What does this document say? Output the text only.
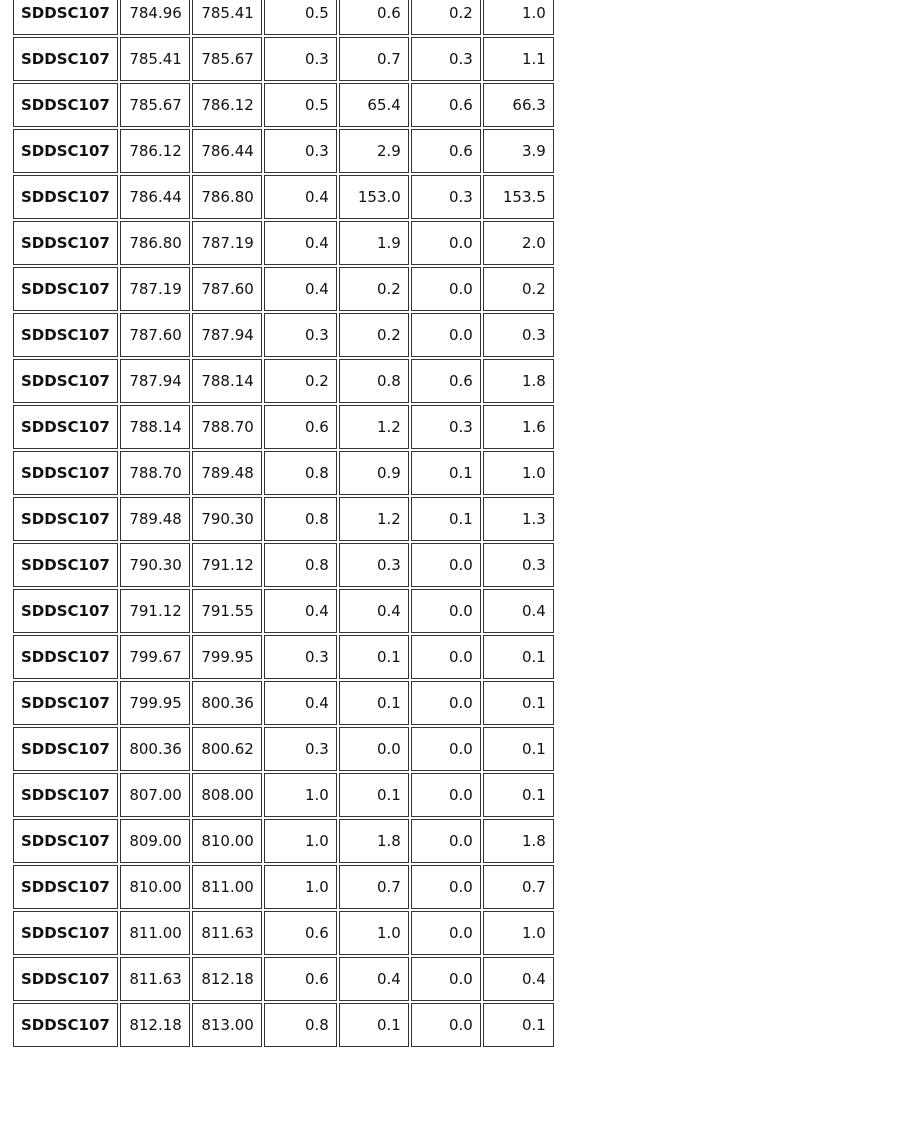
SDDSC107	784.96	785.41	0.5	0.6	0.2	1.0
SDDSC107	785.41	785.67	0.3	0.7	0.3	1.1
SDDSC107	785.67	786.12	0.5	65.4	0.6	66.3
SDDSC107	786.12	786.44	0.3	2.9	0.6	3.9
SDDSC107	786.44	786.80	0.4	153.0	0.3	153.5
SDDSC107	786.80	787.19	0.4	1.9	0.0	2.0
SDDSC107	787.19	787.60	0.4	0.2	0.0	0.2
SDDSC107	787.60	787.94	0.3	0.2	0.0	0.3
SDDSC107	787.94	788.14	0.2	0.8	0.6	1.8
SDDSC107	788.14	788.70	0.6	1.2	0.3	1.6
SDDSC107	788.70	789.48	0.8	0.9	0.1	1.0
SDDSC107	789.48	790.30	0.8	1.2	0.1	1.3
SDDSC107	790.30	791.12	0.8	0.3	0.0	0.3
SDDSC107	791.12	791.55	0.4	0.4	0.0	0.4
SDDSC107	799.67	799.95	0.3	0.1	0.0	0.1
SDDSC107	799.95	800.36	0.4	0.1	0.0	0.1
SDDSC107	800.36	800.62	0.3	0.0	0.0	0.1
SDDSC107	807.00	808.00	1.0	0.1	0.0	0.1
SDDSC107	809.00	810.00	1.0	1.8	0.0	1.8
SDDSC107	810.00	811.00	1.0	0.7	0.0	0.7
SDDSC107	811.00	811.63	0.6	1.0	0.0	1.0
SDDSC107	811.63	812.18	0.6	0.4	0.0	0.4
SDDSC107	812.18	813.00	0.8	0.1	0.0	0.1
